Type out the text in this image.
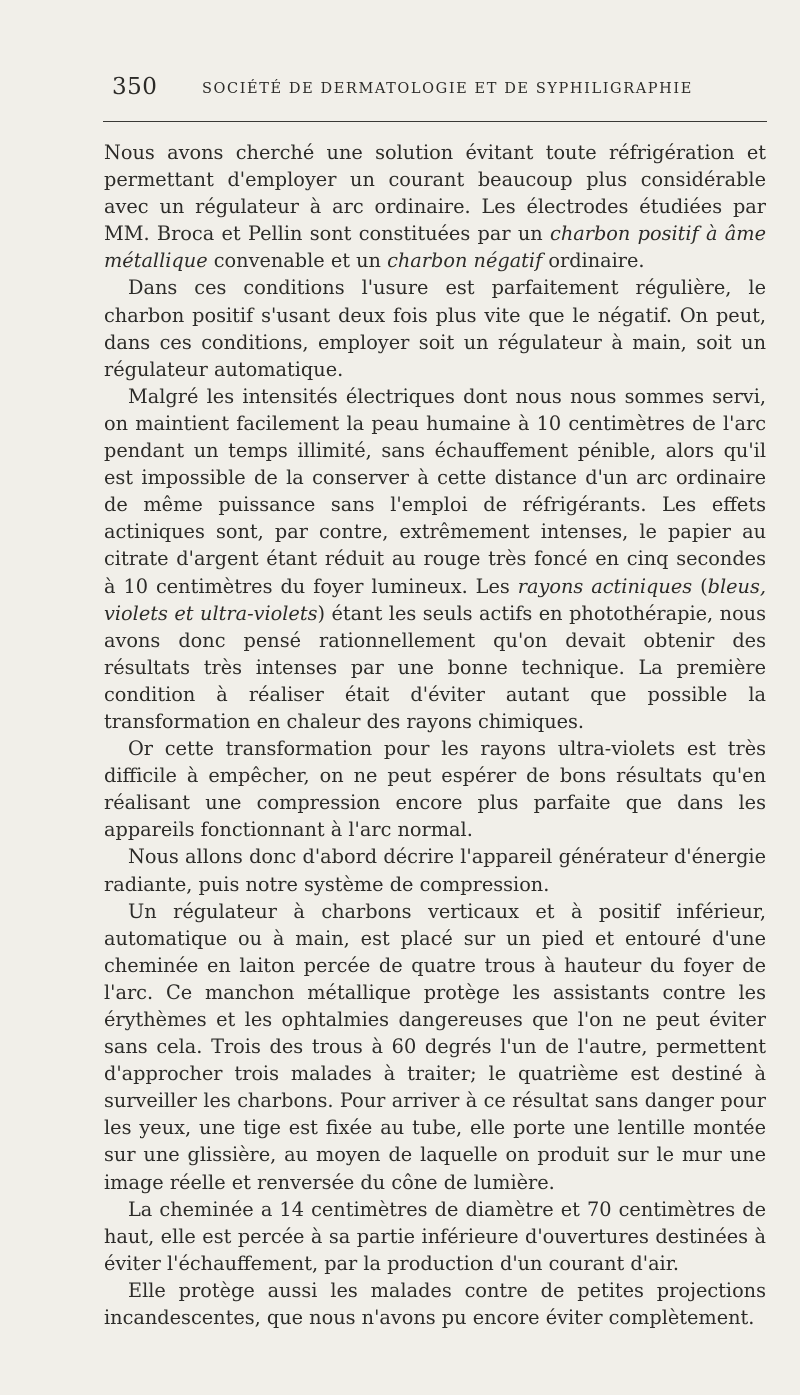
350	SOCIÉTÉ DE DERMATOLOGIE ET DE SYPHILIGRAPHIE

Nous avons cherché une solution évitant toute réfrigération et permettant d'employer un courant beaucoup plus considérable avec un régulateur à arc ordinaire. Les électrodes étudiées par MM. Broca et Pellin sont constituées par un charbon positif à âme métallique convenable et un charbon négatif ordinaire.

Dans ces conditions l'usure est parfaitement régulière, le charbon positif s'usant deux fois plus vite que le négatif. On peut, dans ces conditions, employer soit un régulateur à main, soit un régulateur automatique.

Malgré les intensités électriques dont nous nous sommes servi, on maintient facilement la peau humaine à 10 centimètres de l'arc pendant un temps illimité, sans échauffement pénible, alors qu'il est impossible de la conserver à cette distance d'un arc ordinaire de même puissance sans l'emploi de réfrigérants. Les effets actiniques sont, par contre, extrêmement intenses, le papier au citrate d'argent étant réduit au rouge très foncé en cinq secondes à 10 centimètres du foyer lumineux. Les rayons actiniques (bleus, violets et ultra-violets) étant les seuls actifs en photothérapie, nous avons donc pensé rationnellement qu'on devait obtenir des résultats très intenses par une bonne technique. La première condition à réaliser était d'éviter autant que possible la transformation en chaleur des rayons chimiques.

Or cette transformation pour les rayons ultra-violets est très difficile à empêcher, on ne peut espérer de bons résultats qu'en réalisant une compression encore plus parfaite que dans les appareils fonctionnant à l'arc normal.

Nous allons donc d'abord décrire l'appareil générateur d'énergie radiante, puis notre système de compression.

Un régulateur à charbons verticaux et à positif inférieur, automatique ou à main, est placé sur un pied et entouré d'une cheminée en laiton percée de quatre trous à hauteur du foyer de l'arc. Ce manchon métallique protège les assistants contre les érythèmes et les ophtalmies dangereuses que l'on ne peut éviter sans cela. Trois des trous à 60 degrés l'un de l'autre, permettent d'approcher trois malades à traiter; le quatrième est destiné à surveiller les charbons. Pour arriver à ce résultat sans danger pour les yeux, une tige est fixée au tube, elle porte une lentille montée sur une glissière, au moyen de laquelle on produit sur le mur une image réelle et renversée du cône de lumière.

La cheminée a 14 centimètres de diamètre et 70 centimètres de haut, elle est percée à sa partie inférieure d'ouvertures destinées à éviter l'échauffement, par la production d'un courant d'air.

Elle protège aussi les malades contre de petites projections incandescentes, que nous n'avons pu encore éviter complètement.
